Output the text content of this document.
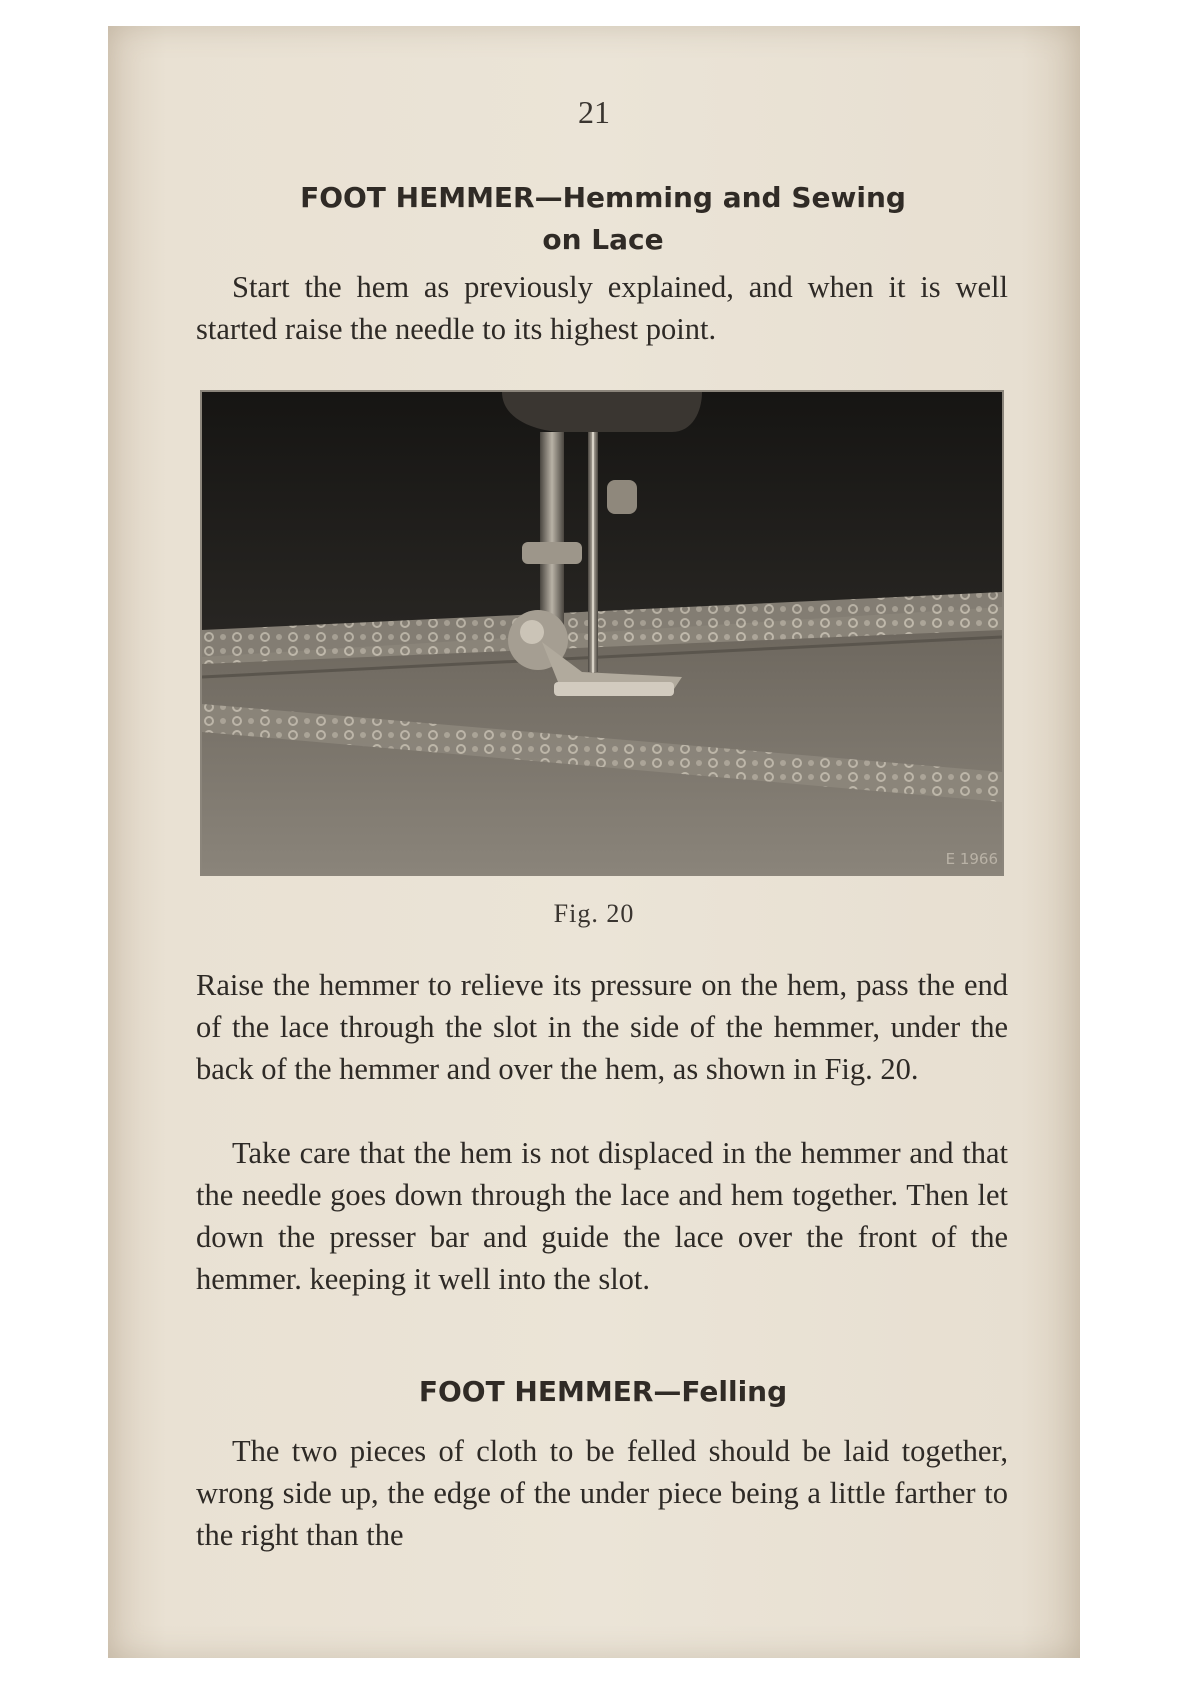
21
FOOT HEMMER—Hemming and Sewing
on Lace
Start the hem as previously explained, and when it is well started raise the needle to its highest point.
E 1966
Fig. 20
Raise the hemmer to relieve its pressure on the hem, pass the end of the lace through the slot in the side of the hemmer, under the back of the hemmer and over the hem, as shown in Fig. 20.
Take care that the hem is not displaced in the hemmer and that the needle goes down through the lace and hem together. Then let down the presser bar and guide the lace over the front of the hemmer. keeping it well into the slot.
FOOT HEMMER—Felling
The two pieces of cloth to be felled should be laid together, wrong side up, the edge of the under piece being a little farther to the right than the
